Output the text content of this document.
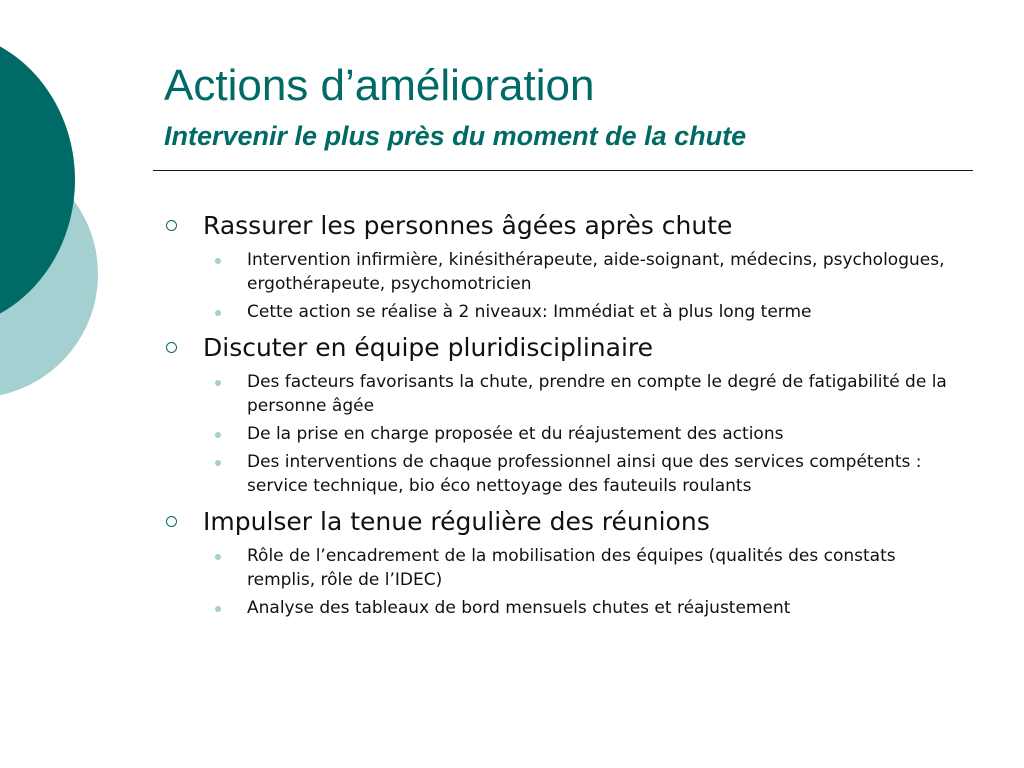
Actions d’amélioration
Intervenir le plus près du moment de la chute
Rassurer les personnes âgées après chute
Intervention infirmière, kinésithérapeute, aide-soignant, médecins, psychologues, ergothérapeute, psychomotricien
Cette action se réalise à 2 niveaux: Immédiat et à plus long terme
Discuter en équipe pluridisciplinaire
Des facteurs favorisants la chute, prendre en compte le degré de fatigabilité de la personne âgée
De la prise en charge proposée et du réajustement des actions
Des interventions de chaque professionnel ainsi que des services compétents : service technique, bio éco nettoyage des fauteuils roulants
Impulser la tenue régulière des réunions
Rôle de l’encadrement de la mobilisation des équipes (qualités des constats remplis, rôle de l’IDEC)
Analyse des tableaux de bord mensuels chutes et réajustement
